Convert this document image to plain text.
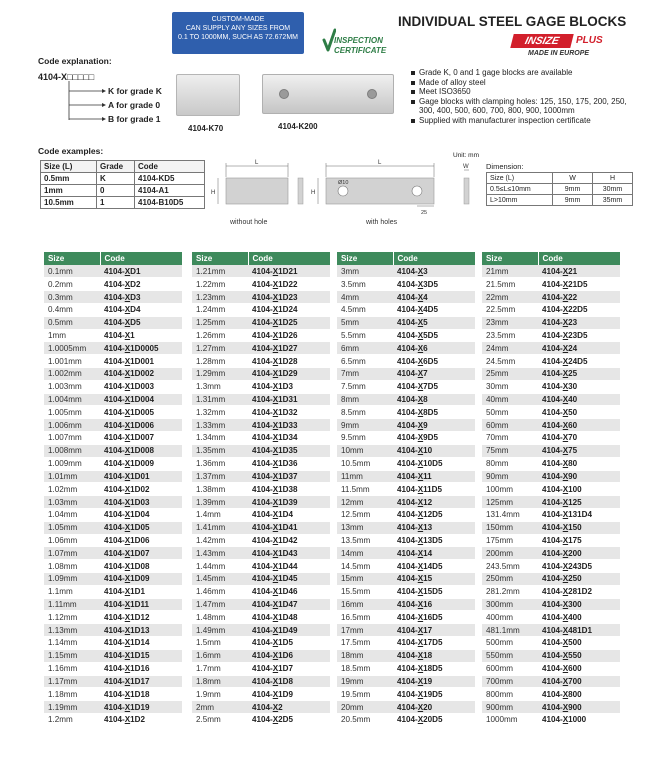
CUSTOM-MADE
CAN SUPPLY ANY SIZES FROM
0.1 TO 1000MM, SUCH AS 72.672MM	INSPECTION
CERTIFICATE
INDIVIDUAL STEEL GAGE BLOCKS
INSIZE	PLUS
MADE IN EUROPE
Code explanation:
4104-X□□□□□
K for grade K
A for grade 0
B for grade 1
4104-K70	4104-K200
Grade K, 0 and 1 gage blocks are available
Made of alloy steel
Meet ISO3650
Gage blocks with clamping holes: 125, 150, 175, 200, 250, 300, 400, 500, 600, 700, 800, 900, 1000mm
Supplied with manufacturer inspection certificate
Code examples:
Size (L)	Grade	Code
0.5mm	K	4104-KD5
1mm	0	4104-A1
10.5mm	1	4104-B10D5
Unit: mm
L
H
L
H
Ø10
25
W
without hole	with holes
Dimension:
Size (L)	W	H
0.5≤L≤10mm	9mm	30mm
L>10mm	9mm	35mm
Size	Code
0.1mm	4104-XD1
0.2mm	4104-XD2
0.3mm	4104-XD3
0.4mm	4104-XD4
0.5mm	4104-XD5
1mm	4104-X1
1.0005mm	4104-X1D0005
1.001mm	4104-X1D001
1.002mm	4104-X1D002
1.003mm	4104-X1D003
1.004mm	4104-X1D004
1.005mm	4104-X1D005
1.006mm	4104-X1D006
1.007mm	4104-X1D007
1.008mm	4104-X1D008
1.009mm	4104-X1D009
1.01mm	4104-X1D01
1.02mm	4104-X1D02
1.03mm	4104-X1D03
1.04mm	4104-X1D04
1.05mm	4104-X1D05
1.06mm	4104-X1D06
1.07mm	4104-X1D07
1.08mm	4104-X1D08
1.09mm	4104-X1D09
1.1mm	4104-X1D1
1.11mm	4104-X1D11
1.12mm	4104-X1D12
1.13mm	4104-X1D13
1.14mm	4104-X1D14
1.15mm	4104-X1D15
1.16mm	4104-X1D16
1.17mm	4104-X1D17
1.18mm	4104-X1D18
1.19mm	4104-X1D19
1.2mm	4104-X1D2
Size	Code
1.21mm	4104-X1D21
1.22mm	4104-X1D22
1.23mm	4104-X1D23
1.24mm	4104-X1D24
1.25mm	4104-X1D25
1.26mm	4104-X1D26
1.27mm	4104-X1D27
1.28mm	4104-X1D28
1.29mm	4104-X1D29
1.3mm	4104-X1D3
1.31mm	4104-X1D31
1.32mm	4104-X1D32
1.33mm	4104-X1D33
1.34mm	4104-X1D34
1.35mm	4104-X1D35
1.36mm	4104-X1D36
1.37mm	4104-X1D37
1.38mm	4104-X1D38
1.39mm	4104-X1D39
1.4mm	4104-X1D4
1.41mm	4104-X1D41
1.42mm	4104-X1D42
1.43mm	4104-X1D43
1.44mm	4104-X1D44
1.45mm	4104-X1D45
1.46mm	4104-X1D46
1.47mm	4104-X1D47
1.48mm	4104-X1D48
1.49mm	4104-X1D49
1.5mm	4104-X1D5
1.6mm	4104-X1D6
1.7mm	4104-X1D7
1.8mm	4104-X1D8
1.9mm	4104-X1D9
2mm	4104-X2
2.5mm	4104-X2D5
Size	Code
3mm	4104-X3
3.5mm	4104-X3D5
4mm	4104-X4
4.5mm	4104-X4D5
5mm	4104-X5
5.5mm	4104-X5D5
6mm	4104-X6
6.5mm	4104-X6D5
7mm	4104-X7
7.5mm	4104-X7D5
8mm	4104-X8
8.5mm	4104-X8D5
9mm	4104-X9
9.5mm	4104-X9D5
10mm	4104-X10
10.5mm	4104-X10D5
11mm	4104-X11
11.5mm	4104-X11D5
12mm	4104-X12
12.5mm	4104-X12D5
13mm	4104-X13
13.5mm	4104-X13D5
14mm	4104-X14
14.5mm	4104-X14D5
15mm	4104-X15
15.5mm	4104-X15D5
16mm	4104-X16
16.5mm	4104-X16D5
17mm	4104-X17
17.5mm	4104-X17D5
18mm	4104-X18
18.5mm	4104-X18D5
19mm	4104-X19
19.5mm	4104-X19D5
20mm	4104-X20
20.5mm	4104-X20D5
Size	Code
21mm	4104-X21
21.5mm	4104-X21D5
22mm	4104-X22
22.5mm	4104-X22D5
23mm	4104-X23
23.5mm	4104-X23D5
24mm	4104-X24
24.5mm	4104-X24D5
25mm	4104-X25
30mm	4104-X30
40mm	4104-X40
50mm	4104-X50
60mm	4104-X60
70mm	4104-X70
75mm	4104-X75
80mm	4104-X80
90mm	4104-X90
100mm	4104-X100
125mm	4104-X125
131.4mm	4104-X131D4
150mm	4104-X150
175mm	4104-X175
200mm	4104-X200
243.5mm	4104-X243D5
250mm	4104-X250
281.2mm	4104-X281D2
300mm	4104-X300
400mm	4104-X400
481.1mm	4104-X481D1
500mm	4104-X500
550mm	4104-X550
600mm	4104-X600
700mm	4104-X700
800mm	4104-X800
900mm	4104-X900
1000mm	4104-X1000
